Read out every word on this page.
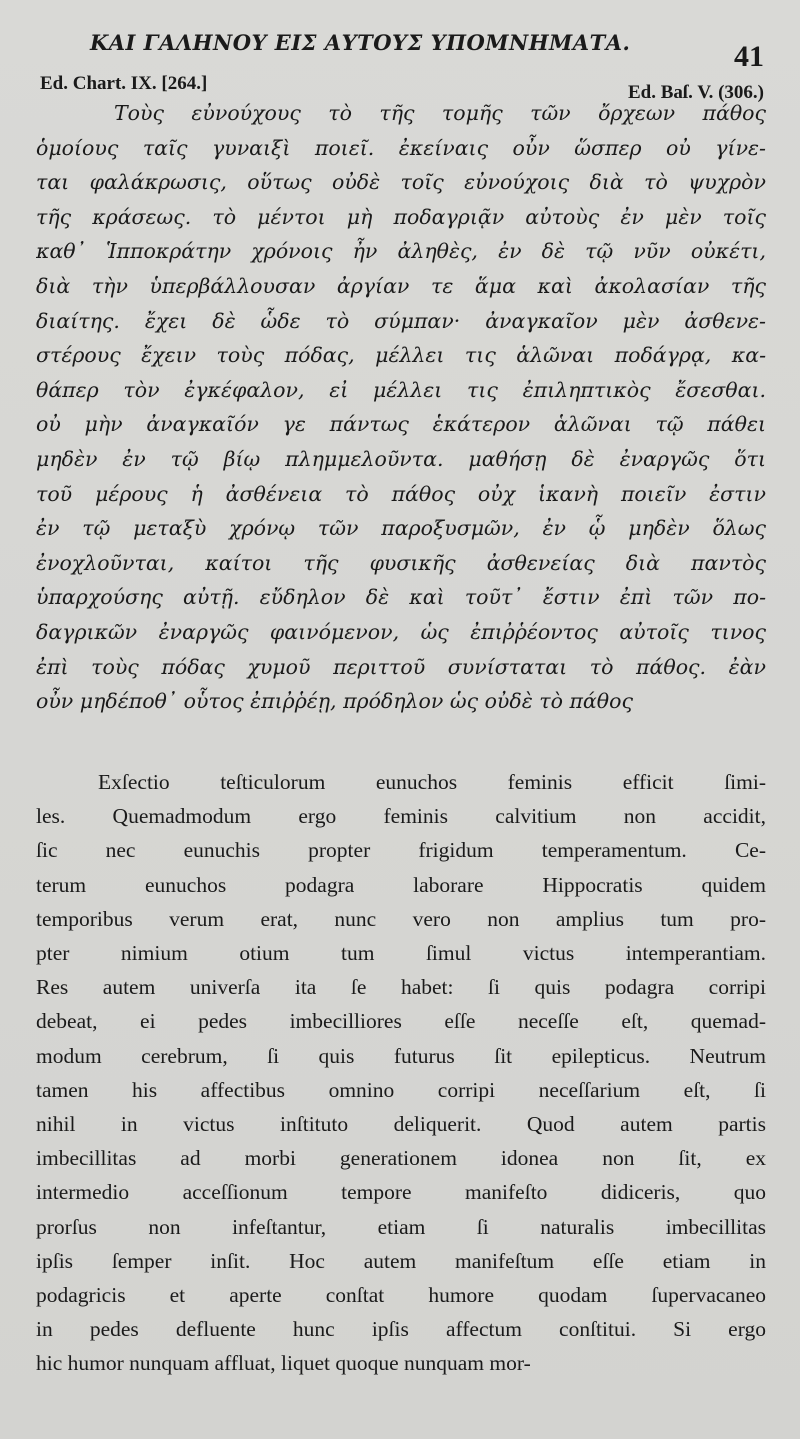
ΚΑΙ ΓΑΛΗΝΟΥ ΕΙΣ ΑΥΤΟΥΣ ΥΠΟΜΝΗΜΑΤΑ.	41
Ed. Chart. IX. [264.]	Ed. Baſ. V. (306.)
Τοὺς εὐνούχους τὸ τῆς τομῆς τῶν ὄρχεων πάθος
ὁμοίους ταῖς γυναιξὶ ποιεῖ. ἐκείναις οὖν ὥσπερ οὐ γίνε-
ται φαλάκρωσις, οὕτως οὐδὲ τοῖς εὐνούχοις διὰ τὸ ψυχρὸν
τῆς κράσεως. τὸ μέντοι μὴ ποδαγριᾷν αὐτοὺς ἐν μὲν τοῖς
καθ᾽ Ἱπποκράτην χρόνοις ἦν ἀληθὲς, ἐν δὲ τῷ νῦν οὐκέτι,
διὰ τὴν ὑπερβάλλουσαν ἀργίαν τε ἅμα καὶ ἀκολασίαν τῆς
διαίτης. ἔχει δὲ ὧδε τὸ σύμπαν· ἀναγκαῖον μὲν ἀσθενε-
στέρους ἔχειν τοὺς πόδας, μέλλει τις ἁλῶναι ποδάγρᾳ, κα-
θάπερ τὸν ἐγκέφαλον, εἰ μέλλει τις ἐπιληπτικὸς ἔσεσθαι.
οὐ μὴν ἀναγκαῖόν γε πάντως ἑκάτερον ἁλῶναι τῷ πάθει
μηδὲν ἐν τῷ βίῳ πλημμελοῦντα. μαθήσῃ δὲ ἐναργῶς ὅτι
τοῦ μέρους ἡ ἀσθένεια τὸ πάθος οὐχ ἱκανὴ ποιεῖν ἐστιν
ἐν τῷ μεταξὺ χρόνῳ τῶν παροξυσμῶν, ἐν ᾧ μηδὲν ὅλως
ἐνοχλοῦνται, καίτοι τῆς φυσικῆς ἀσθενείας διὰ παντὸς
ὑπαρχούσης αὐτῇ. εὔδηλον δὲ καὶ τοῦτ᾽ ἔστιν ἐπὶ τῶν πο-
δαγρικῶν ἐναργῶς φαινόμενον, ὡς ἐπιῤῥέοντος αὐτοῖς τινος
ἐπὶ τοὺς πόδας χυμοῦ περιττοῦ συνίσταται τὸ πάθος. ἐὰν
οὖν μηδέποθ᾽ οὗτος ἐπιῤῥέῃ, πρόδηλον ὡς οὐδὲ τὸ πάθος
Exſectio teſticulorum eunuchos feminis efficit ſimi-
les. Quemadmodum ergo feminis calvitium non accidit,
ſic nec eunuchis propter frigidum temperamentum. Ce-
terum eunuchos podagra laborare Hippocratis quidem
temporibus verum erat, nunc vero non amplius tum pro-
pter nimium otium tum ſimul victus intemperantiam.
Res autem univerſa ita ſe habet: ſi quis podagra corripi
debeat, ei pedes imbecilliores eſſe neceſſe eſt, quemad-
modum cerebrum, ſi quis futurus ſit epilepticus. Neutrum
tamen his affectibus omnino corripi neceſſarium eſt, ſi
nihil in victus inſtituto deliquerit. Quod autem partis
imbecillitas ad morbi generationem idonea non ſit, ex
intermedio acceſſionum tempore manifeſto didiceris, quo
prorſus non infeſtantur, etiam ſi naturalis imbecillitas
ipſis ſemper inſit. Hoc autem manifeſtum eſſe etiam in
podagricis et aperte conſtat humore quodam ſupervacaneo
in pedes defluente hunc ipſis affectum conſtitui. Si ergo
hic humor nunquam affluat, liquet quoque nunquam mor-
